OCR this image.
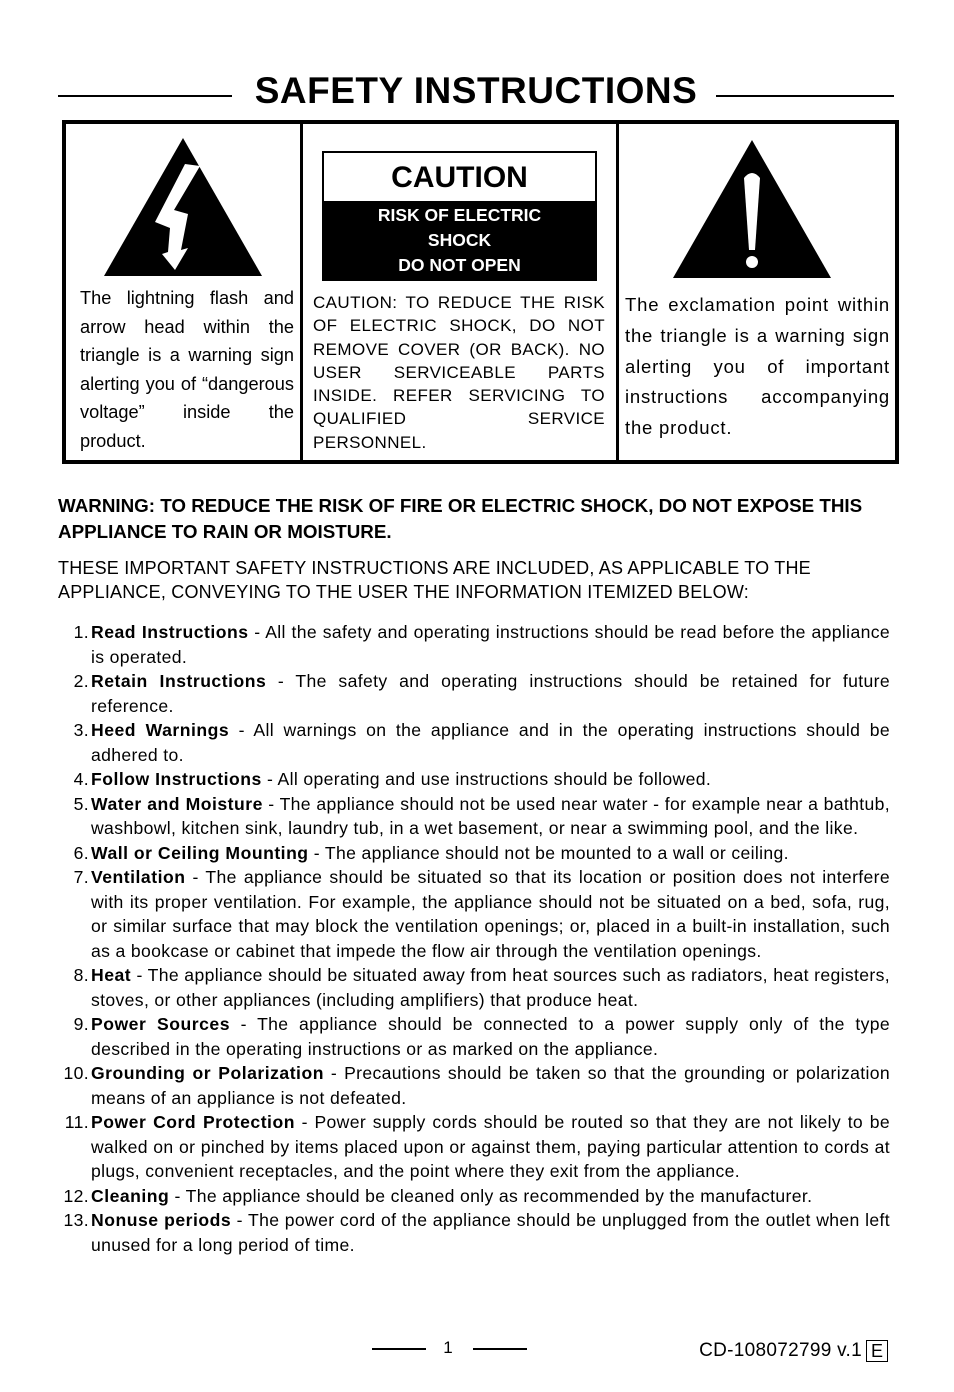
SAFETY INSTRUCTIONS
The lightning flash and arrow head within the triangle is a warning sign alerting you of “dangerous voltage” inside the product.
CAUTION
RISK OF ELECTRIC SHOCK
DO NOT OPEN
CAUTION: TO REDUCE THE RISK OF ELECTRIC SHOCK, DO NOT REMOVE COVER (OR BACK). NO USER SERVICEABLE PARTS INSIDE. REFER SERVICING TO QUALIFIED SERVICE PERSONNEL.
The exclamation point within the triangle is a warning sign alerting you of important instructions accompanying the product.
WARNING: TO REDUCE THE RISK OF FIRE OR ELECTRIC SHOCK, DO NOT EXPOSE THIS APPLIANCE TO RAIN OR MOISTURE.
THESE IMPORTANT SAFETY INSTRUCTIONS ARE INCLUDED, AS APPLICABLE TO THE APPLIANCE, CONVEYING TO THE USER THE INFORMATION ITEMIZED BELOW:
1. Read Instructions - All the safety and operating instructions should be read before the appliance is operated.
2. Retain Instructions - The safety and operating instructions should be retained for future reference.
3. Heed Warnings - All warnings on the appliance and in the operating instructions should be adhered to.
4. Follow Instructions - All operating and use instructions should be followed.
5. Water and Moisture - The appliance should not be used near water - for example near a bathtub, washbowl, kitchen sink, laundry tub, in a wet basement, or near a swimming pool, and the like.
6. Wall or Ceiling Mounting - The appliance should not be mounted to a wall or ceiling.
7. Ventilation - The appliance should be situated so that its location or position does not interfere with its proper ventilation. For example, the appliance should not be situated on a bed, sofa, rug, or similar surface that may block the ventilation openings; or, placed in a built-in installation, such as a bookcase or cabinet that impede the flow air through the ventilation openings.
8. Heat - The appliance should be situated away from heat sources such as radiators, heat registers, stoves, or other appliances (including amplifiers) that produce heat.
9. Power Sources - The appliance should be connected to a power supply only of the type described in the operating instructions or as marked on the appliance.
10. Grounding or Polarization - Precautions should be taken so that the grounding or polarization means of an appliance is not defeated.
11. Power Cord Protection - Power supply cords should be routed so that they are not likely to be walked on or pinched by items placed upon or against them, paying particular attention to cords at plugs, convenient receptacles, and the point where they exit from the appliance.
12. Cleaning - The appliance should be cleaned only as recommended by the manufacturer.
13. Nonuse periods - The power cord of the appliance should be unplugged from the outlet when left unused for a long period of time.
1	CD-108072799 v.1 E
